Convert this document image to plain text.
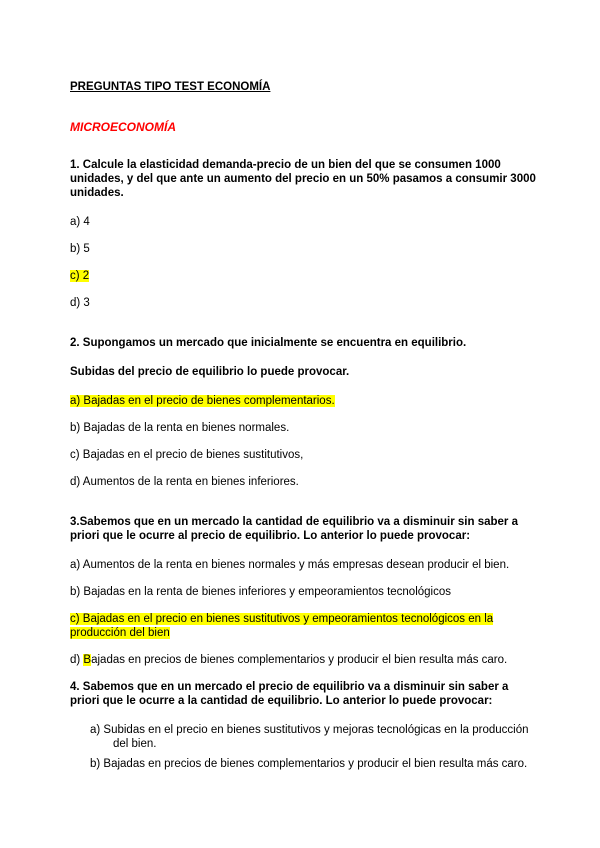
PREGUNTAS TIPO TEST ECONOMÍA
MICROECONOMÍA

1. Calcule la elasticidad demanda-precio de un bien del que se consumen 1000 unidades, y del que ante un aumento del precio en un 50% pasamos a consumir 3000 unidades.

a) 4

b) 5

c) 2

d) 3

2. Supongamos un mercado que inicialmente se encuentra en equilibrio.

Subidas del precio de equilibrio lo puede provocar.

a) Bajadas en el precio de bienes complementarios.

b) Bajadas de la renta en bienes normales.

c) Bajadas en el precio de bienes sustitutivos,

d) Aumentos de la renta en bienes inferiores.

3.Sabemos que en un mercado la cantidad de equilibrio va a disminuir sin saber a priori que le ocurre al precio de equilibrio. Lo anterior lo puede provocar:

a) Aumentos de la renta en bienes normales y más empresas desean producir el bien.

b) Bajadas en la renta de bienes inferiores y empeoramientos tecnológicos

c) Bajadas en el precio en bienes sustitutivos y empeoramientos tecnológicos en la producción del bien

d) Bajadas en precios de bienes complementarios y producir el bien resulta más caro.

4. Sabemos que en un mercado el precio de equilibrio va a disminuir sin saber a priori que le ocurre a la cantidad de equilibrio. Lo anterior lo puede provocar:

a) Subidas en el precio en bienes sustitutivos y mejoras tecnológicas en la producción del bien.

b) Bajadas en precios de bienes complementarios y producir el bien resulta más caro.
